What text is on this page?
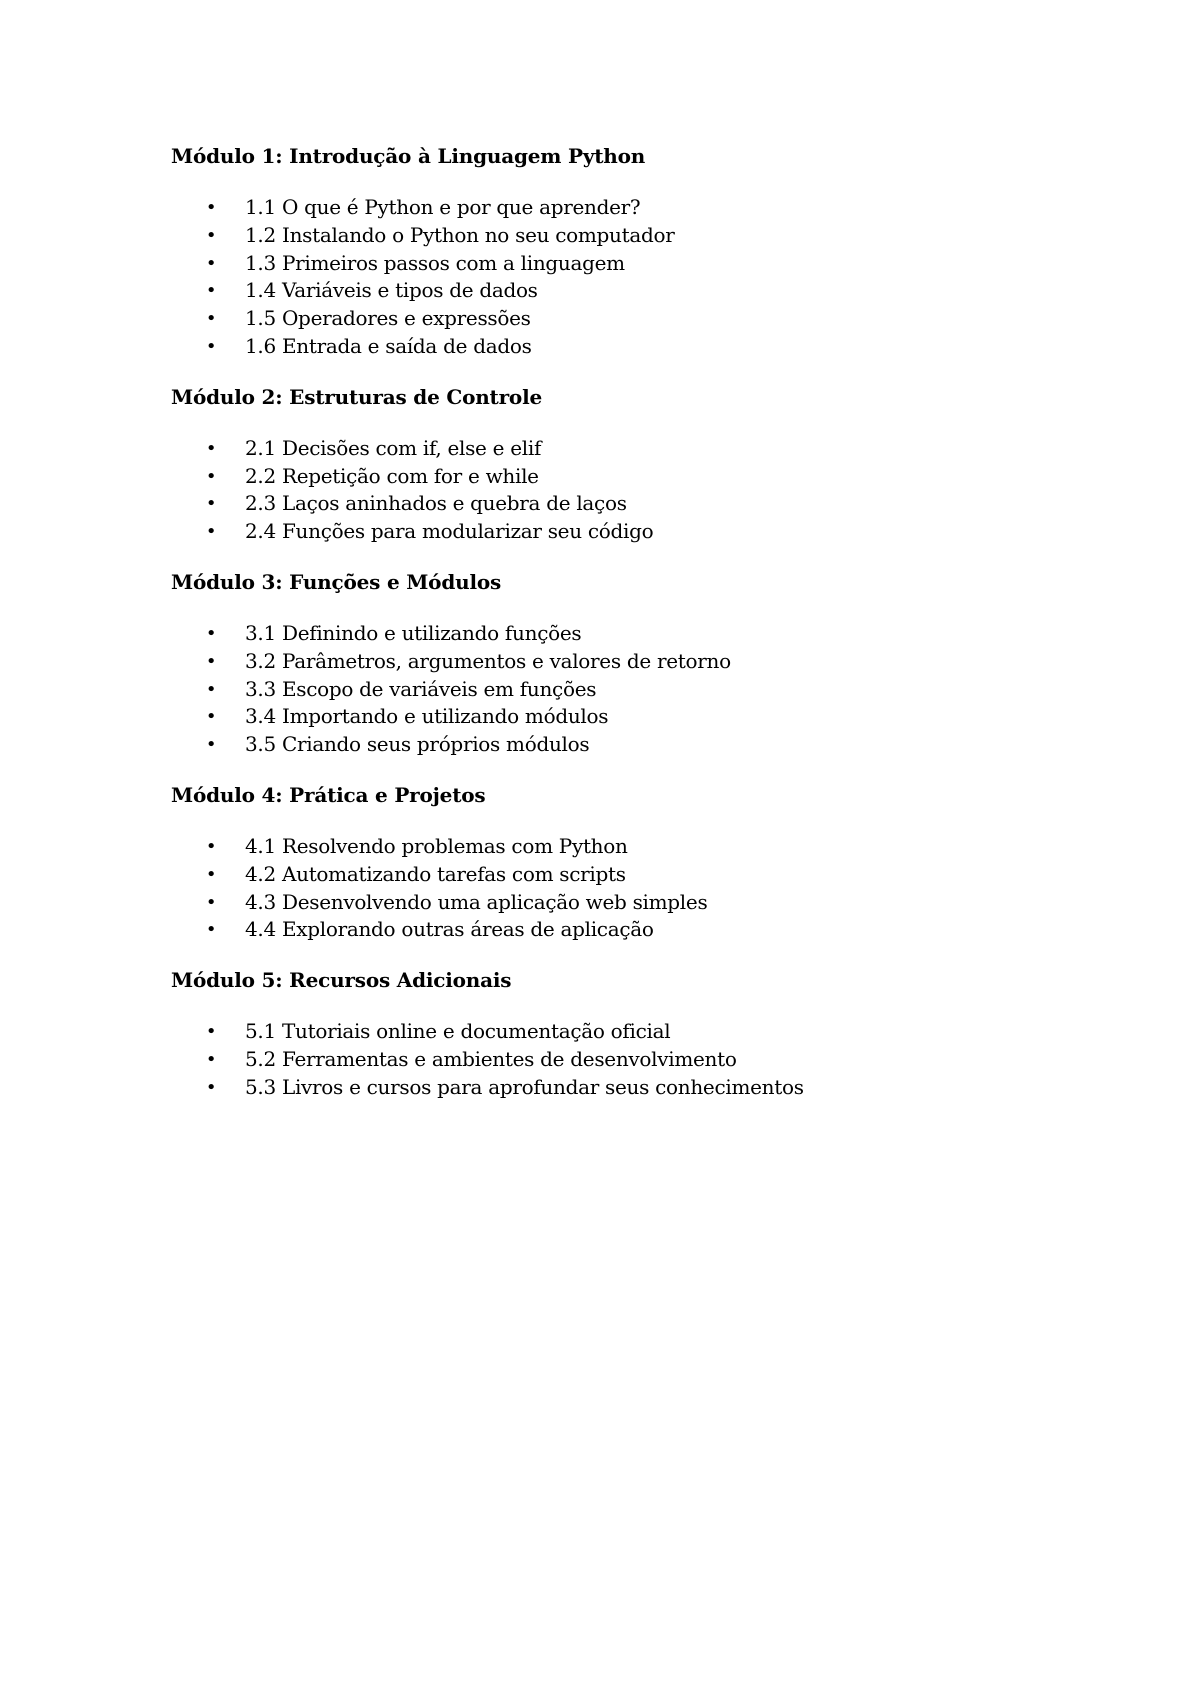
Módulo 1: Introdução à Linguagem Python
• 1.1 O que é Python e por que aprender?
• 1.2 Instalando o Python no seu computador
• 1.3 Primeiros passos com a linguagem
• 1.4 Variáveis e tipos de dados
• 1.5 Operadores e expressões
• 1.6 Entrada e saída de dados
Módulo 2: Estruturas de Controle
• 2.1 Decisões com if, else e elif
• 2.2 Repetição com for e while
• 2.3 Laços aninhados e quebra de laços
• 2.4 Funções para modularizar seu código
Módulo 3: Funções e Módulos
• 3.1 Definindo e utilizando funções
• 3.2 Parâmetros, argumentos e valores de retorno
• 3.3 Escopo de variáveis em funções
• 3.4 Importando e utilizando módulos
• 3.5 Criando seus próprios módulos
Módulo 4: Prática e Projetos
• 4.1 Resolvendo problemas com Python
• 4.2 Automatizando tarefas com scripts
• 4.3 Desenvolvendo uma aplicação web simples
• 4.4 Explorando outras áreas de aplicação
Módulo 5: Recursos Adicionais
• 5.1 Tutoriais online e documentação oficial
• 5.2 Ferramentas e ambientes de desenvolvimento
• 5.3 Livros e cursos para aprofundar seus conhecimentos
